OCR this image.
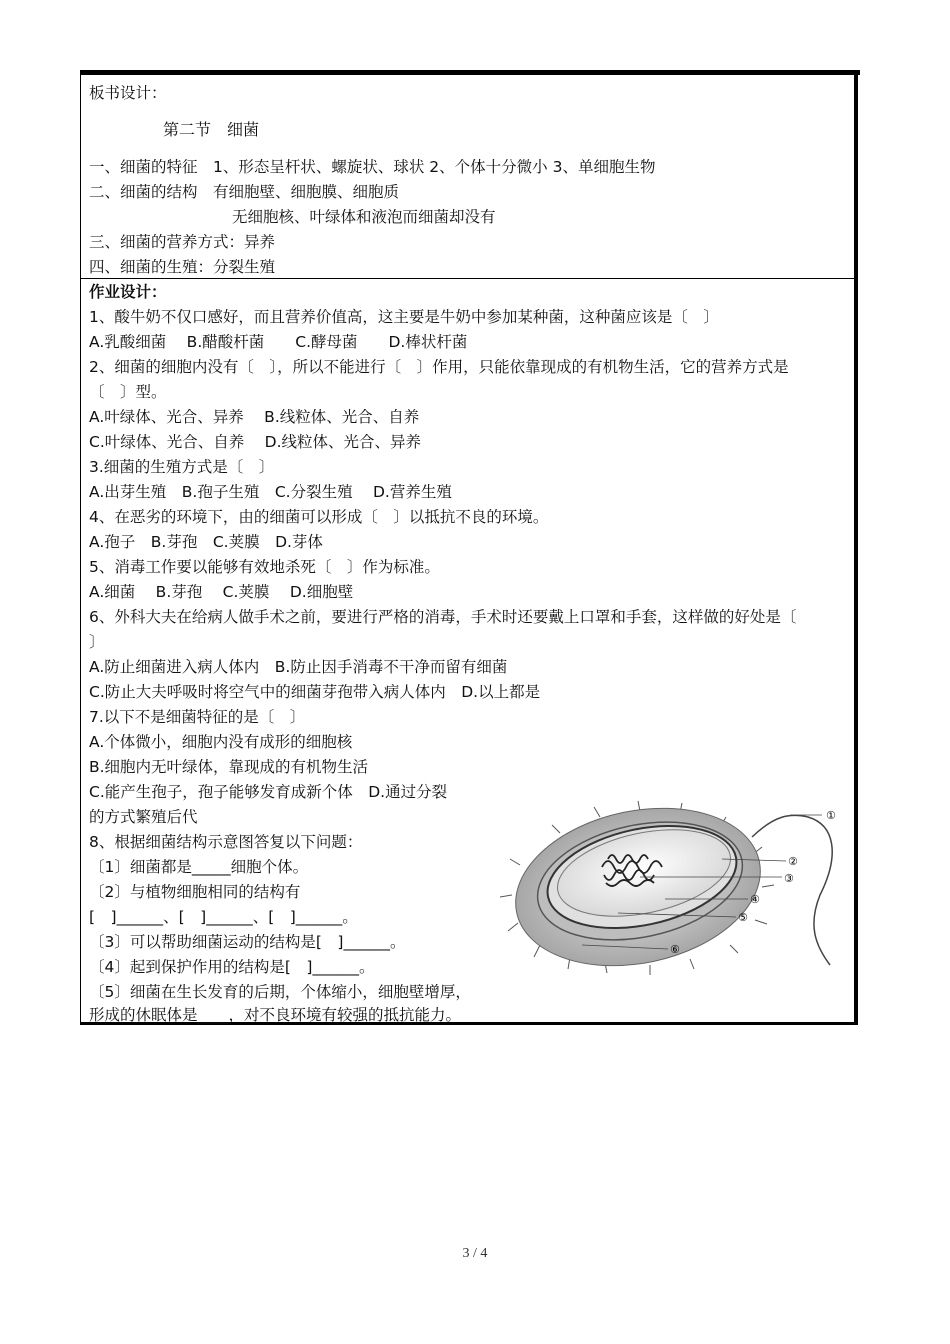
板书设计：
第二节　细菌
一、细菌的特征　1、形态呈杆状、螺旋状、球状 2、个体十分微小 3、单细胞生物
二、细菌的结构　有细胞壁、细胞膜、细胞质
无细胞核、叶绿体和液泡而细菌却没有
三、细菌的营养方式：异养
四、细菌的生殖：分裂生殖
作业设计：
1、酸牛奶不仅口感好，而且营养价值高，这主要是牛奶中参加某种菌，这种菌应该是〔　〕
A.乳酸细菌　 B.醋酸杆菌　　C.酵母菌　　D.棒状杆菌
2、细菌的细胞内没有〔　〕，所以不能进行〔　〕作用，只能依靠现成的有机物生活，它的营养方式是
〔　〕型。
A.叶绿体、光合、异养　 B.线粒体、光合、自养
C.叶绿体、光合、自养　 D.线粒体、光合、异养
3.细菌的生殖方式是〔　〕
A.出芽生殖　B.孢子生殖　C.分裂生殖　 D.营养生殖
4、在恶劣的环境下，由的细菌可以形成〔　〕以抵抗不良的环境。
A.孢子　B.芽孢　C.荚膜　D.芽体
5、消毒工作要以能够有效地杀死〔　〕作为标准。
A.细菌　 B.芽孢　 C.荚膜　 D.细胞壁
6、外科大夫在给病人做手术之前，要进行严格的消毒，手术时还要戴上口罩和手套，这样做的好处是〔
〕
A.防止细菌进入病人体内　B.防止因手消毒不干净而留有细菌
C.防止大夫呼吸时将空气中的细菌芽孢带入病人体内　D.以上都是
7.以下不是细菌特征的是〔　〕
A.个体微小，细胞内没有成形的细胞核
B.细胞内无叶绿体，靠现成的有机物生活
C.能产生孢子，孢子能够发育成新个体　D.通过分裂
的方式繁殖后代
8、根据细菌结构示意图答复以下问题：
〔1〕细菌都是_____细胞个体。
〔2〕与植物细胞相同的结构有
[　]______、[　]______、[　]______。
〔3〕可以帮助细菌运动的结构是[　]______。
〔4〕起到保护作用的结构是[　]______。
〔5〕细菌在生长发育的后期，个体缩小，细胞壁增厚，
形成的休眠体是____，对不良环境有较强的抵抗能力。
①
②
③
④
⑤
⑥
3 / 4
